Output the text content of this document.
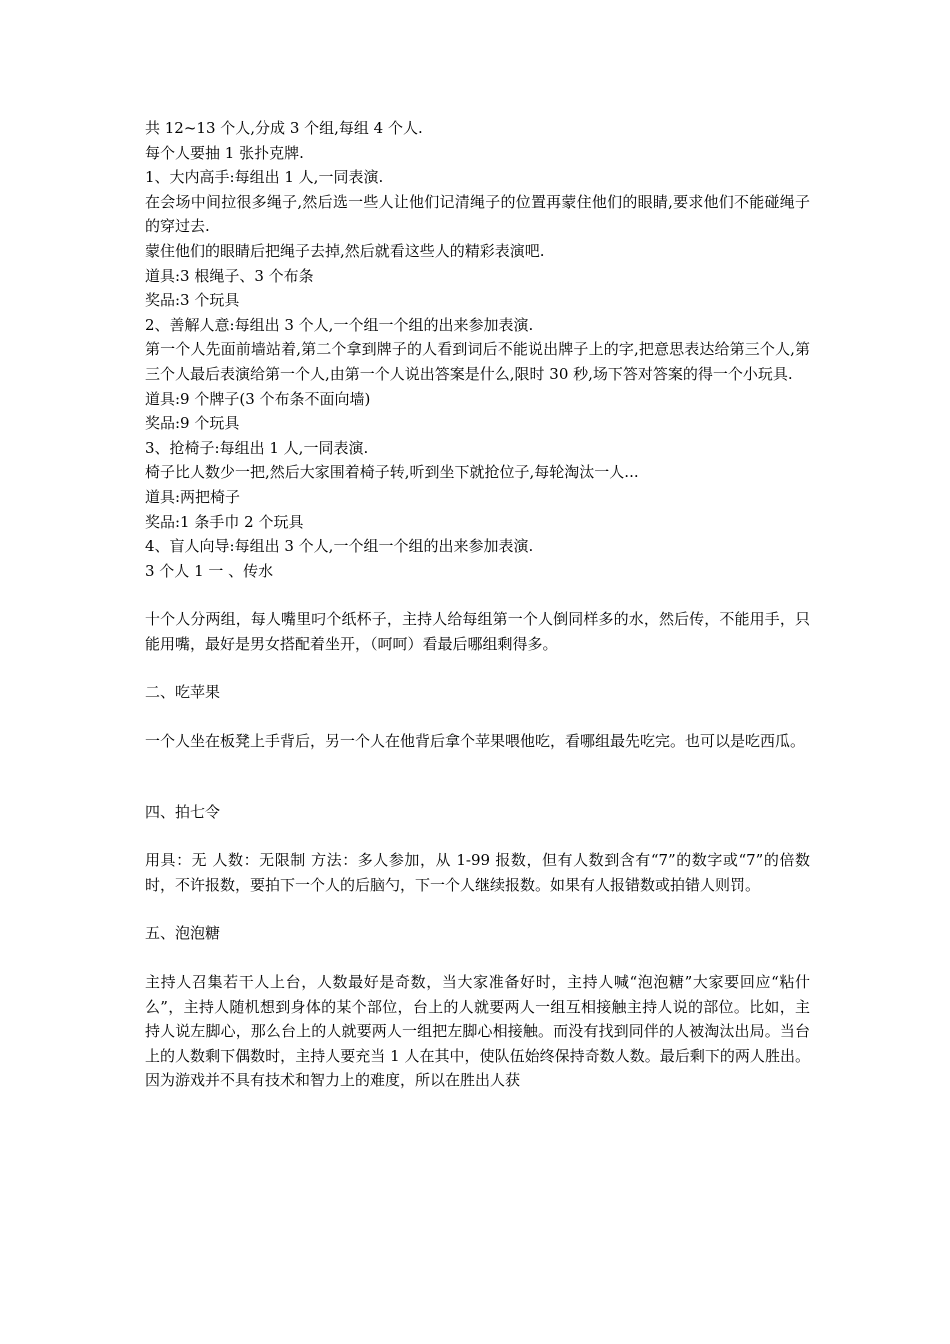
共 12~13 个人,分成 3 个组,每组 4 个人.

每个人要抽 1 张扑克牌.

1、大内高手:每组出 1 人,一同表演.

在会场中间拉很多绳子,然后选一些人让他们记清绳子的位置再蒙住他们的眼睛,要求他们不能碰绳子的穿过去.

蒙住他们的眼睛后把绳子去掉,然后就看这些人的精彩表演吧.

道具:3 根绳子、3 个布条

奖品:3 个玩具

2、善解人意:每组出 3 个人,一个组一个组的出来参加表演.

第一个人先面前墙站着,第二个拿到牌子的人看到词后不能说出牌子上的字,把意思表达给第三个人,第三个人最后表演给第一个人,由第一个人说出答案是什么,限时 30 秒,场下答对答案的得一个小玩具.

道具:9 个牌子(3 个布条不面向墙)

奖品:9 个玩具

3、抢椅子:每组出 1 人,一同表演.

椅子比人数少一把,然后大家围着椅子转,听到坐下就抢位子,每轮淘汰一人...

道具:两把椅子

奖品:1 条手巾 2 个玩具

4、盲人向导:每组出 3 个人,一个组一个组的出来参加表演.

3 个人 1 一 、传水

十个人分两组，每人嘴里叼个纸杯子，主持人给每组第一个人倒同样多的水，然后传，不能用手，只能用嘴，最好是男女搭配着坐开，（呵呵）看最后哪组剩得多。

二、吃苹果

一个人坐在板凳上手背后，另一个人在他背后拿个苹果喂他吃，看哪组最先吃完。也可以是吃西瓜。

四、拍七令

用具：无 人数：无限制 方法：多人参加，从 1-99 报数，但有人数到含有“7”的数字或“7”的倍数时，不许报数，要拍下一个人的后脑勺，下一个人继续报数。如果有人报错数或拍错人则罚。

五、泡泡糖

主持人召集若干人上台，人数最好是奇数，当大家准备好时，主持人喊“泡泡糖”大家要回应“粘什么”，主持人随机想到身体的某个部位，台上的人就要两人一组互相接触主持人说的部位。比如，主持人说左脚心，那么台上的人就要两人一组把左脚心相接触。而没有找到同伴的人被淘汰出局。当台上的人数剩下偶数时，主持人要充当 1 人在其中，使队伍始终保持奇数人数。最后剩下的两人胜出。因为游戏并不具有技术和智力上的难度，所以在胜出人获
